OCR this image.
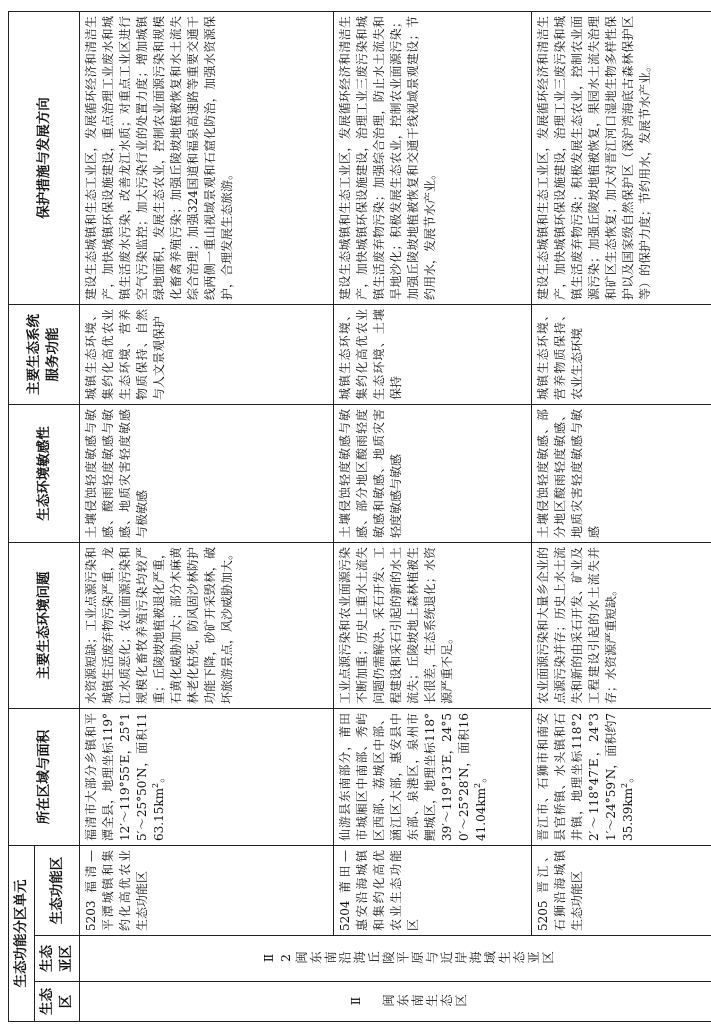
生态功能分区单元			所在区域与面积	主要生态环境问题	生态环境敏感性	主要生态系统服务功能	保护措施与发展方向
生态区	生态亚区	生态功能区					

Ⅱ 闽东南生态区	Ⅱ2闽东南沿海丘陵平原与近岸海域生态亚区	5203 福清—平潭城镇和集约化高优农业生态功能区	福清市大部分乡镇和平潭全县，地理坐标119°12′～119°55′E，25°15′～25°50′N，面积$1163.15km^2$。	水资源短缺；工业点源污染和城镇生活废弃物污染严重，龙江水质恶化；农业面源污染和规模化畜牧养殖污染均较严重；丘陵坡地植被退化严重，石黄化威胁加大；部分木麻黄林老化枯死，防风固沙林防护功能下降，砂矿开采毁林，破坏旅游景点，风沙威胁加大。	土壤侵蚀轻度敏感与敏感、酸雨轻度敏感与敏感、地质灾害轻度敏感与极敏感	城镇生态环境、集约化高优农业生态环境、营养物质保持、自然与人文景观保护	建设生态城镇和生态工业区，发展循环经济和清洁生产，加快城镇环保设施建设，重点治理工业废水和城镇生活废水污染，改善龙江水质；对重点工业区进行空气污染监控；加大污染行业的处置力度；增加城镇绿地面积，发展生态农业，控制农业面源污染和规模化畜禽养殖污染；加强丘陵坡地植被恢复和水土流失综合治理；加强324国道和福泉高速路等重要交通干线两侧一重山视域景观和石窟化防治，加强水资源保护，合理发展生态旅游。
		5204 莆田—惠安沿海城镇和集约化高优农业生态功能区	仙游县东南部分，莆田市城厢区中南部、秀屿区西部、荔城区中部、涵江区大部，惠安县中东部、泉港区，泉州市鲤城区，地理坐标118°39′～119°13′E，24°50′～25°28′N，面积$1641.04km^2$。	工业点源污染和农业面源污染不断加重；历史上重水土流失问题仍需解决，采石开发、工程建设和采石引起的新的水土流失；丘陵坡地上森林植被生长很差，生态系统退化；水资源严重不足。	土壤侵蚀轻度敏感与敏感、部分地区酸雨轻度敏感和敏感、地质灾害轻度敏感与敏感	城镇生态环境、集约化高优农业生态环境、土壤保持	建设生态城镇和生态工业区，发展循环经济和清洁生产，加快城镇环保设施建设，治理工业三废污染和城镇生活废弃物污染；加强综合治理，防止水土流失和旱地沙化；积极发展生态农业，控制农业面源污染；加强丘陵坡地植被恢复和交通干线视域景观建设；节约用水，发展节水产业。
		5205 晋江、石狮沿海城镇生态功能区	晋江市、石狮市和南安县官桥镇、水头镇和石井镇，地理坐标118°22′～118°47′E，24°31′～24°59′N，面积约$735.39km^2$。	农业面源污染和大量乡企业的点源污染并存；历史上水土流失和新的由采石开发、矿业及工程建设引起的水土流失并存；水资源严重短缺。	土壤侵蚀轻度敏感、部分地区酸雨轻度敏感、地质灾害轻度敏感与敏感	城镇生态环境、营养物质保持、农业生态环境	建设生态城镇和生态工业区，发展循环经济和清洁生产，加快城镇环保设施建设，治理工业三废污染和城镇生活废弃物污染；积极发展生态农业，控制农业面源污染；加强丘陵坡地植被恢复，果园水土流失治理和矿区生态恢复；加大对晋江河口湿地生物多样性保护以及国家级自然保护区（深沪湾海底古森林保护区等）的保护力度；节约用水，发展节水产业。
